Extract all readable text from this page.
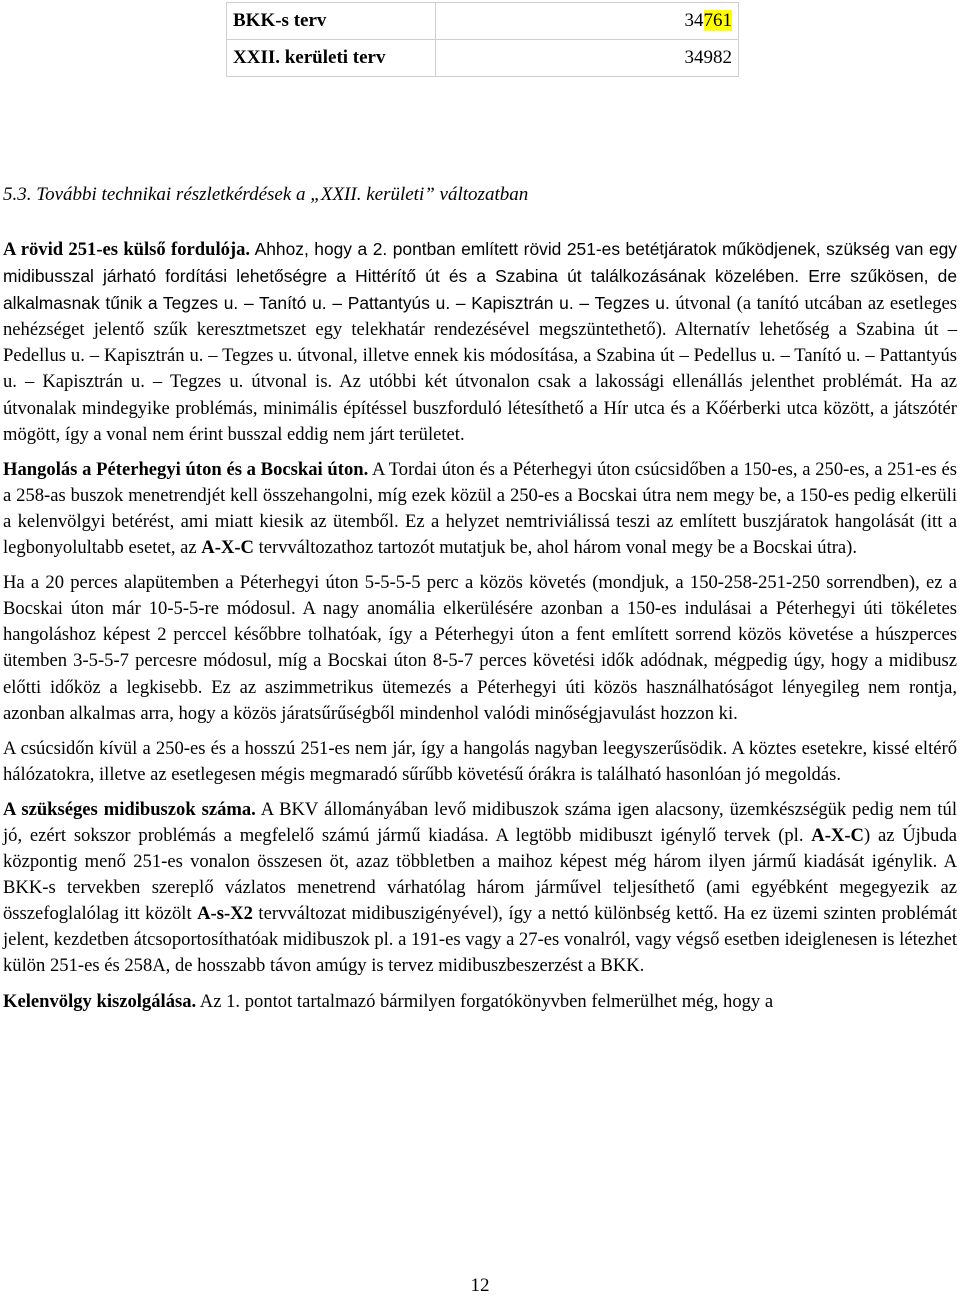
BKK-s terv	34761
XXII. kerületi terv	34982
5.3. További technikai részletkérdések a „XXII. kerületi” változatban

A rövid 251-es külső fordulója. Ahhoz, hogy a 2. pontban említett rövid 251-es betétjáratok működjenek, szükség van egy midibusszal járható fordítási lehetőségre a Hittérítő út és a Szabina út találkozásának közelében. Erre szűkösen, de alkalmasnak tűnik a Tegzes u. – Tanító u. – Pattantyús u. – Kapisztrán u. – Tegzes u. útvonal (a tanító utcában az esetleges nehézséget jelentő szűk keresztmetszet egy telekhatár rendezésével megszüntethető). Alternatív lehetőség a Szabina út – Pedellus u. – Kapisztrán u. – Tegzes u. útvonal, illetve ennek kis módosítása, a Szabina út – Pedellus u. – Tanító u. – Pattantyús u. – Kapisztrán u. – Tegzes u. útvonal is. Az utóbbi két útvonalon csak a lakossági ellenállás jelenthet problémát. Ha az útvonalak mindegyike problémás, minimális építéssel buszforduló létesíthető a Hír utca és a Kőérberki utca között, a játszótér mögött, így a vonal nem érint busszal eddig nem járt területet.

Hangolás a Péterhegyi úton és a Bocskai úton. A Tordai úton és a Péterhegyi úton csúcsidőben a 150-es, a 250-es, a 251-es és a 258-as buszok menetrendjét kell összehangolni, míg ezek közül a 250-es a Bocskai útra nem megy be, a 150-es pedig elkerüli a kelenvölgyi betérést, ami miatt kiesik az ütemből. Ez a helyzet nemtriviálissá teszi az említett buszjáratok hangolását (itt a legbonyolultabb esetet, az A-X-C tervváltozathoz tartozót mutatjuk be, ahol három vonal megy be a Bocskai útra).

Ha a 20 perces alapütemben a Péterhegyi úton 5-5-5-5 perc a közös követés (mondjuk, a 150-258-251-250 sorrendben), ez a Bocskai úton már 10-5-5-re módosul. A nagy anomália elkerülésére azonban a 150-es indulásai a Péterhegyi úti tökéletes hangoláshoz képest 2 perccel későbbre tolhatóak, így a Péterhegyi úton a fent említett sorrend közös követése a húszperces ütemben 3-5-5-7 percesre módosul, míg a Bocskai úton 8-5-7 perces követési idők adódnak, mégpedig úgy, hogy a midibusz előtti időköz a legkisebb. Ez az aszimmetrikus ütemezés a Péterhegyi úti közös használhatóságot lényegileg nem rontja, azonban alkalmas arra, hogy a közös járatsűrűségből mindenhol valódi minőségjavulást hozzon ki.

A csúcsidőn kívül a 250-es és a hosszú 251-es nem jár, így a hangolás nagyban leegyszerűsödik. A köztes esetekre, kissé eltérő hálózatokra, illetve az esetlegesen mégis megmaradó sűrűbb követésű órákra is található hasonlóan jó megoldás.

A szükséges midibuszok száma. A BKV állományában levő midibuszok száma igen alacsony, üzemkészségük pedig nem túl jó, ezért sokszor problémás a megfelelő számú jármű kiadása. A legtöbb midibuszt igénylő tervek (pl. A-X-C) az Újbuda központig menő 251-es vonalon összesen öt, azaz többletben a maihoz képest még három ilyen jármű kiadását igénylik. A BKK-s tervekben szereplő vázlatos menetrend várhatólag három járművel teljesíthető (ami egyébként megegyezik az összefoglalólag itt közölt A-s-X2 tervváltozat midibuszigényével), így a nettó különbség kettő. Ha ez üzemi szinten problémát jelent, kezdetben átcsoportosíthatóak midibuszok pl. a 191-es vagy a 27-es vonalról, vagy végső esetben ideiglenesen is létezhet külön 251-es és 258A, de hosszabb távon amúgy is tervez midibuszbeszerzést a BKK.

Kelenvölgy kiszolgálása. Az 1. pontot tartalmazó bármilyen forgatókönyvben felmerülhet még, hogy a

12
